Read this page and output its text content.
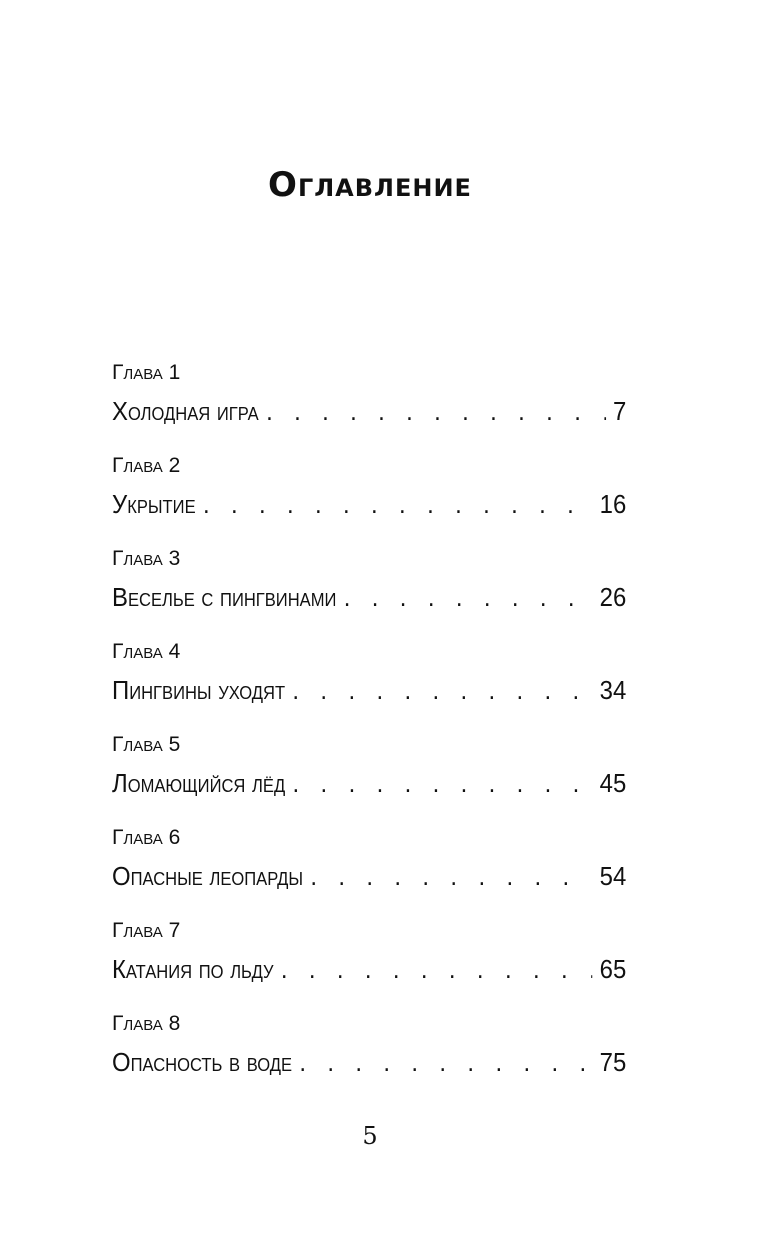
Оглавление
Глава 1
Холодная игра . . .	7
Глава 2
Укрытие . . .	16
Глава 3
Веселье с пингвинами . . .	26
Глава 4
Пингвины уходят . . .	34
Глава 5
Ломающийся лёд . . .	45
Глава 6
Опасные леопарды . . .	54
Глава 7
Катания по льду . . .	65
Глава 8
Опасность в воде . . .	75
5
